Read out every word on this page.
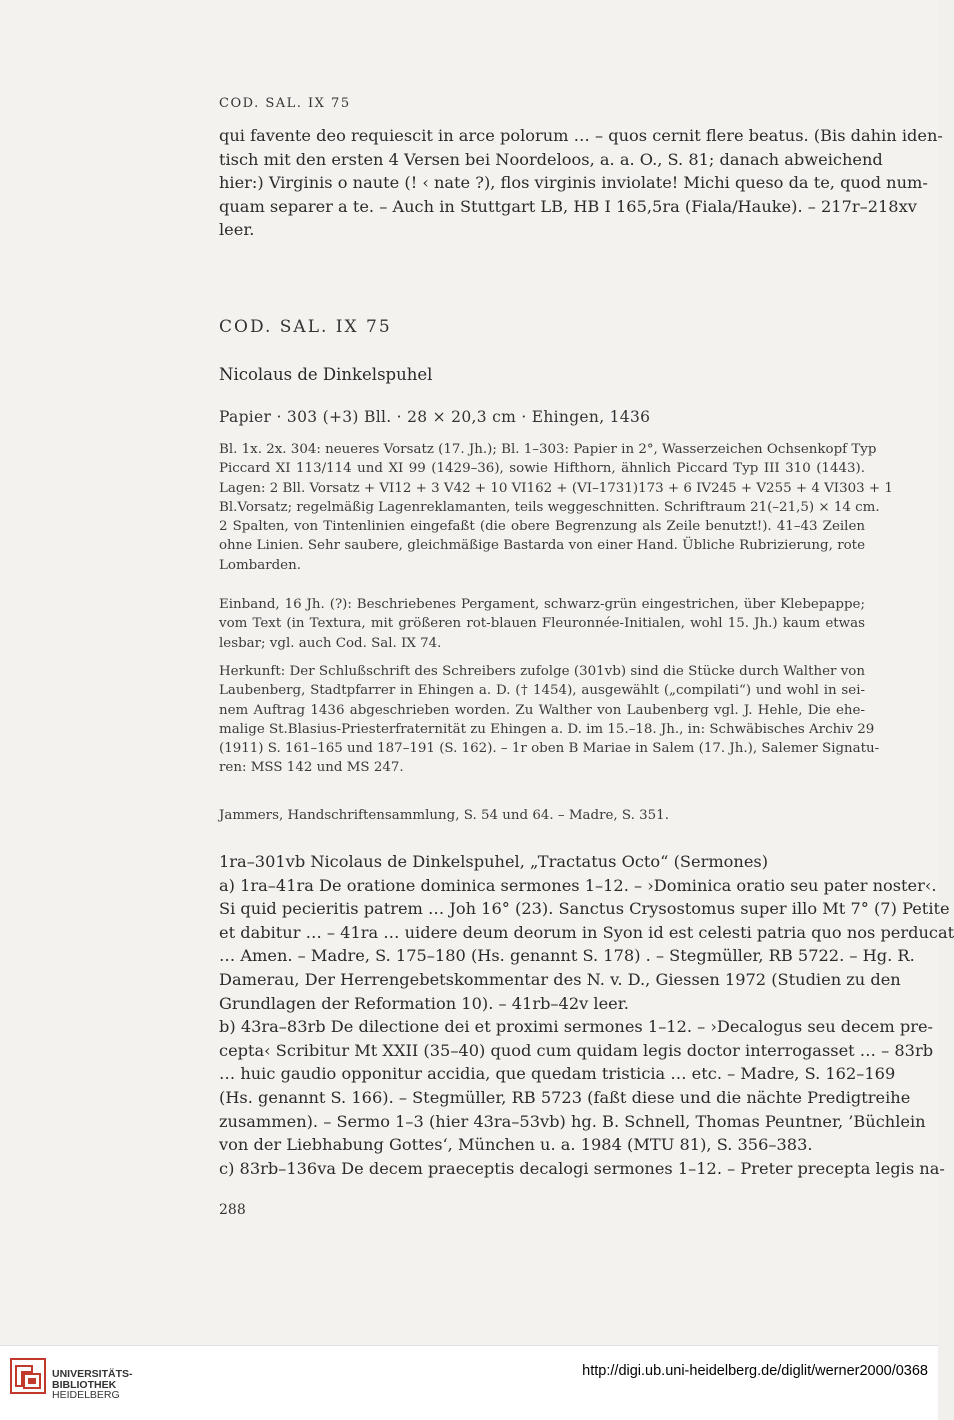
COD. SAL. IX 75
qui favente deo requiescit in arce polorum … – quos cernit flere beatus. (Bis dahin iden-
tisch mit den ersten 4 Versen bei Noordeloos, a. a. O., S. 81; danach abweichend
hier:) Virginis o naute (! ‹ nate ?), flos virginis inviolate! Michi queso da te, quod num-
quam separer a te. – Auch in Stuttgart LB, HB I 165,5ra (Fiala/Hauke). – 217r–218xv
leer.
COD. SAL. IX 75
Nicolaus de Dinkelspuhel
Papier · 303 (+3) Bll. · 28 × 20,3 cm · Ehingen, 1436
Bl. 1x. 2x. 304: neueres Vorsatz (17. Jh.); Bl. 1–303: Papier in 2°, Wasserzeichen Ochsenkopf Typ
Piccard XI 113/114 und XI 99 (1429–36), sowie Hifthorn, ähnlich Piccard Typ III 310 (1443).
Lagen: 2 Bll. Vorsatz + VI12 + 3 V42 + 10 VI162 + (VI–1731)173 + 6 IV245 + V255 + 4 VI303 + 1
Bl.Vorsatz; regelmäßig Lagenreklamanten, teils weggeschnitten. Schriftraum 21(–21,5) × 14 cm.
2 Spalten, von Tintenlinien eingefaßt (die obere Begrenzung als Zeile benutzt!). 41–43 Zeilen
ohne Linien. Sehr saubere, gleichmäßige Bastarda von einer Hand. Übliche Rubrizierung, rote
Lombarden.
Einband, 16 Jh. (?): Beschriebenes Pergament, schwarz-grün eingestrichen, über Klebepappe;
vom Text (in Textura, mit größeren rot-blauen Fleuronnée-Initialen, wohl 15. Jh.) kaum etwas
lesbar; vgl. auch Cod. Sal. IX 74.
Herkunft: Der Schlußschrift des Schreibers zufolge (301vb) sind die Stücke durch Walther von
Laubenberg, Stadtpfarrer in Ehingen a. D. († 1454), ausgewählt („compilati“) und wohl in sei-
nem Auftrag 1436 abgeschrieben worden. Zu Walther von Laubenberg vgl. J. Hehle, Die ehe-
malige St.Blasius-Priesterfraternität zu Ehingen a. D. im 15.–18. Jh., in: Schwäbisches Archiv 29
(1911) S. 161–165 und 187–191 (S. 162). – 1r oben B Mariae in Salem (17. Jh.), Salemer Signatu-
ren: MSS 142 und MS 247.
Jammers, Handschriftensammlung, S. 54 und 64. – Madre, S. 351.
1ra–301vb Nicolaus de Dinkelspuhel, „Tractatus Octo“ (Sermones)
a) 1ra–41ra De oratione dominica sermones 1–12. – ›Dominica oratio seu pater noster‹.
Si quid pecieritis patrem … Joh 16° (23). Sanctus Crysostomus super illo Mt 7° (7) Petite
et dabitur … – 41ra … uidere deum deorum in Syon id est celesti patria quo nos perducat
… Amen. – Madre, S. 175–180 (Hs. genannt S. 178) . – Stegmüller, RB 5722. – Hg. R.
Damerau, Der Herrengebetskommentar des N. v. D., Giessen 1972 (Studien zu den
Grundlagen der Reformation 10). – 41rb–42v leer.
b) 43ra–83rb De dilectione dei et proximi sermones 1–12. – ›Decalogus seu decem pre-
cepta‹ Scribitur Mt XXII (35–40) quod cum quidam legis doctor interrogasset … – 83rb
… huic gaudio opponitur accidia, que quedam tristicia … etc. – Madre, S. 162–169
(Hs. genannt S. 166). – Stegmüller, RB 5723 (faßt diese und die nächte Predigtreihe
zusammen). – Sermo 1–3 (hier 43ra–53vb) hg. B. Schnell, Thomas Peuntner, ’Büchlein
von der Liebhabung Gottes‘, München u. a. 1984 (MTU 81), S. 356–383.
c) 83rb–136va De decem praeceptis decalogi sermones 1–12. – Preter precepta legis na-
288
UNIVERSITÄTS-
BIBLIOTHEK
HEIDELBERG
http://digi.ub.uni-heidelberg.de/diglit/werner2000/0368
